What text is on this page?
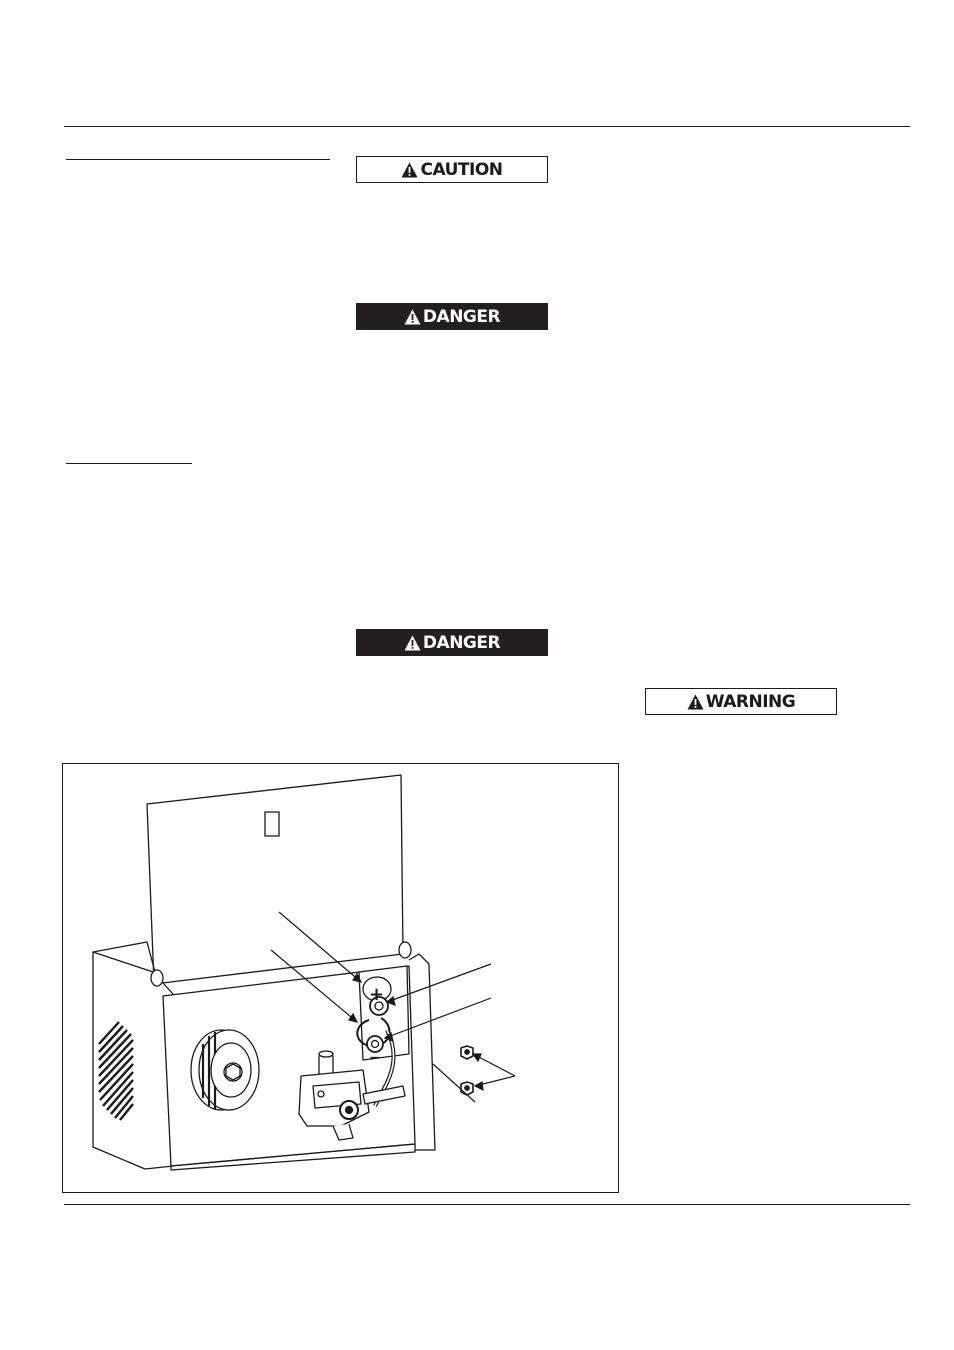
CAUTION
DANGER
DANGER
WARNING
+
−
